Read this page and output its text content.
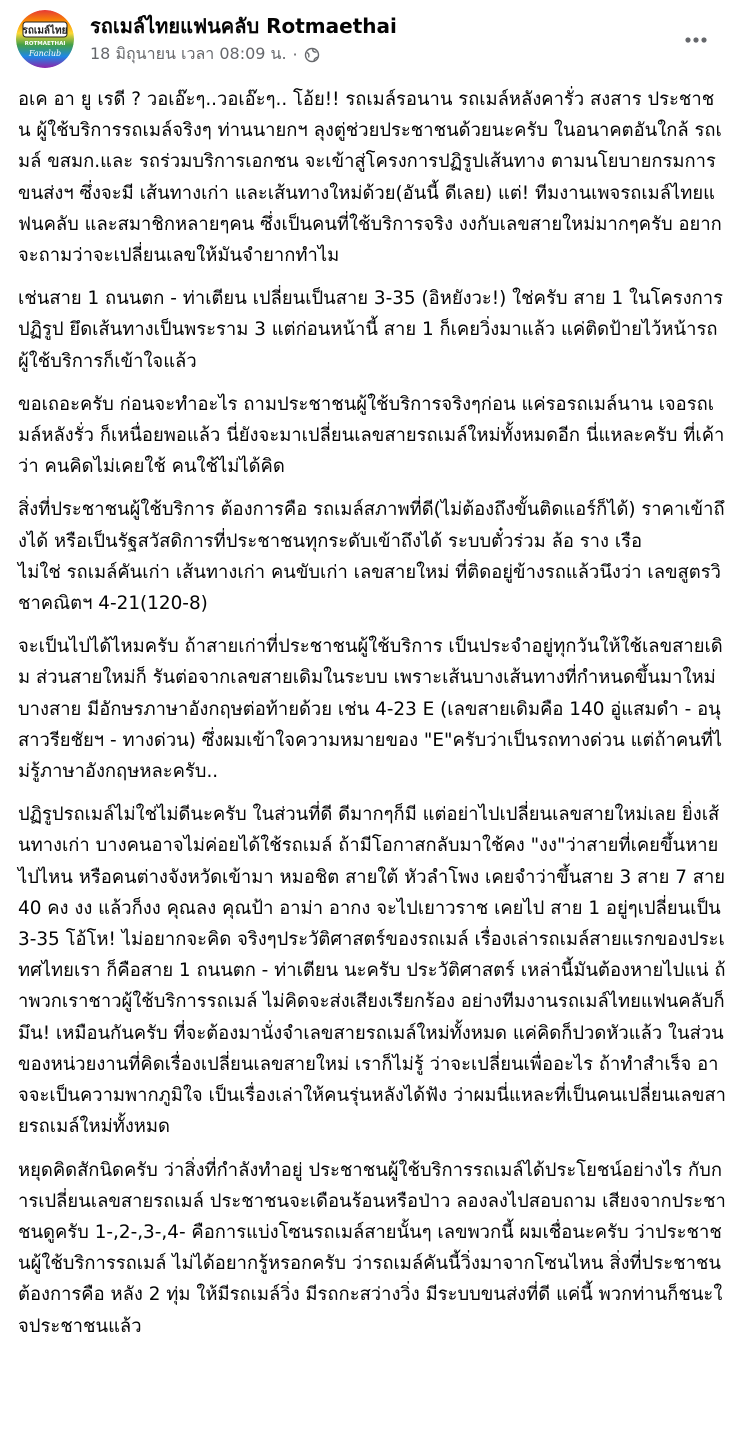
รถเมล์ไทย
ROTMAETHAI
Fanclub
รถเมล์ไทยแฟนคลับ Rotmaethai
18 มิถุนายน เวลา 08:09 น. ·

อเค อา ยู เรดี ? วอเอ๊ะๆ..วอเอ๊ะๆ.. โอ้ย!! รถเมล์รอนาน รถเมล์หลังคารั่ว สงสาร ประชาชน ผู้ใช้บริการรถเมล์จริงๆ ท่านนายกฯ ลุงตู่ช่วยประชาชนด้วยนะครับ ในอนาคตอันใกล้ รถเมล์ ขสมก.และ รถร่วมบริการเอกชน จะเข้าสู่โครงการปฏิรูปเส้นทาง ตามนโยบายกรมการขนส่งฯ ซึ่งจะมี เส้นทางเก่า และเส้นทางใหม่ด้วย(อันนี้ ดีเลย) แต่! ทีมงานเพจรถเมล์ไทยแฟนคลับ และสมาชิกหลายๆคน ซึ่งเป็นคนที่ใช้บริการจริง งงกับเลขสายใหม่มากๆครับ อยากจะถามว่าจะเปลี่ยนเลขให้มันจำยากทำไม

เช่นสาย 1 ถนนตก - ท่าเตียน เปลี่ยนเป็นสาย 3-35 (อิหยังวะ!) ใช่ครับ สาย 1 ในโครงการปฏิรูป ยึดเส้นทางเป็นพระราม 3 แต่ก่อนหน้านี้ สาย 1 ก็เคยวิ่งมาแล้ว แค่ติดป้ายไว้หน้ารถ ผู้ใช้บริการก็เข้าใจแล้ว

ขอเถอะครับ ก่อนจะทำอะไร ถามประชาชนผู้ใช้บริการจริงๆก่อน แค่รอรถเมล์นาน เจอรถเมล์หลังรั่ว ก็เหนื่อยพอแล้ว นี่ยังจะมาเปลี่ยนเลขสายรถเมล์ใหม่ทั้งหมดอีก นี่แหละครับ ที่เค้าว่า คนคิดไม่เคยใช้ คนใช้ไม่ได้คิด

สิ่งที่ประชาชนผู้ใช้บริการ ต้องการคือ รถเมล์สภาพที่ดี(ไม่ต้องถึงขั้นติดแอร์ก็ได้) ราคาเข้าถึงได้ หรือเป็นรัฐสวัสดิการที่ประชาชนทุกระดับเข้าถึงได้ ระบบตั๋วร่วม ล้อ ราง เรือ
ไม่ใช่ รถเมล์คันเก่า เส้นทางเก่า คนขับเก่า เลขสายใหม่ ที่ติดอยู่ข้างรถแล้วนึงว่า เลขสูตรวิชาคณิตฯ 4-21(120-8)

จะเป็นไปได้ไหมครับ ถ้าสายเก่าที่ประชาชนผู้ใช้บริการ เป็นประจำอยู่ทุกวันให้ใช้เลขสายเดิม ส่วนสายใหม่ก็ รันต่อจากเลขสายเดิมในระบบ เพราะเส้นบางเส้นทางที่กำหนดขึ้นมาใหม่ บางสาย มีอักษรภาษาอังกฤษต่อท้ายด้วย เช่น 4-23 E (เลขสายเดิมคือ 140 อู่แสมดำ - อนุสาวรียชัยฯ - ทางด่วน) ซึ่งผมเข้าใจความหมายของ "E"ครับว่าเป็นรถทางด่วน แต่ถ้าคนที่ไม่รู้ภาษาอังกฤษหละครับ..

ปฏิรูปรถเมล์ไม่ใช่ไม่ดีนะครับ ในส่วนที่ดี ดีมากๆก็มี แต่อย่าไปเปลี่ยนเลขสายใหม่เลย ยิ่งเส้นทางเก่า บางคนอาจไม่ค่อยได้ใช้รถเมล์ ถ้ามีโอกาสกลับมาใช้คง "งง"ว่าสายที่เคยขึ้นหายไปไหน หรือคนต่างจังหวัดเข้ามา หมอชิต สายใต้ หัวลำโพง เคยจำว่าขึ้นสาย 3 สาย 7 สาย 40 คง งง แล้วก็งง คุณลง คุณป้า อาม่า อากง จะไปเยาวราช เคยไป สาย 1 อยู่ๆเปลี่ยนเป็น 3-35 โอ้โห! ไม่อยากจะคิด จริงๆประวัติศาสตร์ของรถเมล์ เรื่องเล่ารถเมล์สายแรกของประเทศไทยเรา ก็คือสาย 1 ถนนตก - ท่าเตียน นะครับ ประวัติศาสตร์ เหล่านี้มันต้องหายไปแน่ ถ้าพวกเราชาวผู้ใช้บริการรถเมล์ ไม่คิดจะส่งเสียงเรียกร้อง อย่างทีมงานรถเมล์ไทยแฟนคลับก็ มึน! เหมือนกันครับ ที่จะต้องมานั่งจำเลขสายรถเมล์ใหม่ทั้งหมด แค่คิดก็ปวดหัวแล้ว ในส่วนของหน่วยงานที่คิดเรื่องเปลี่ยนเลขสายใหม่ เราก็ไม่รู้ ว่าจะเปลี่ยนเพื่ออะไร ถ้าทำสำเร็จ อาจจะเป็นความพากภูมิใจ เป็นเรื่องเล่าให้คนรุ่นหลังได้ฟัง ว่าผมนี่แหละที่เป็นคนเปลี่ยนเลขสายรถเมล์ใหม่ทั้งหมด

หยุดคิดสักนิดครับ ว่าสิ่งที่กำลังทำอยู่ ประชาชนผู้ใช้บริการรถเมล์ได้ประโยชน์อย่างไร กับการเปลี่ยนเลขสายรถเมล์ ประชาชนจะเดือนร้อนหรือป่าว ลองลงไปสอบถาม เสียงจากประชาชนดูครับ 1-,2-,3-,4- คือการแบ่งโซนรถเมล์สายนั้นๆ เลขพวกนี้ ผมเชื่อนะครับ ว่าประชาชนผู้ใช้บริการรถเมล์ ไม่ได้อยากรู้หรอกครับ ว่ารถเมล์คันนี้วิ่งมาจากโซนไหน สิ่งที่ประชาชนต้องการคือ หลัง 2 ทุ่ม ให้มีรถเมล์วิ่ง มีรถกะสว่างวิ่ง มีระบบขนส่งที่ดี แค่นี้ พวกท่านก็ชนะใจประชาชนแล้ว
